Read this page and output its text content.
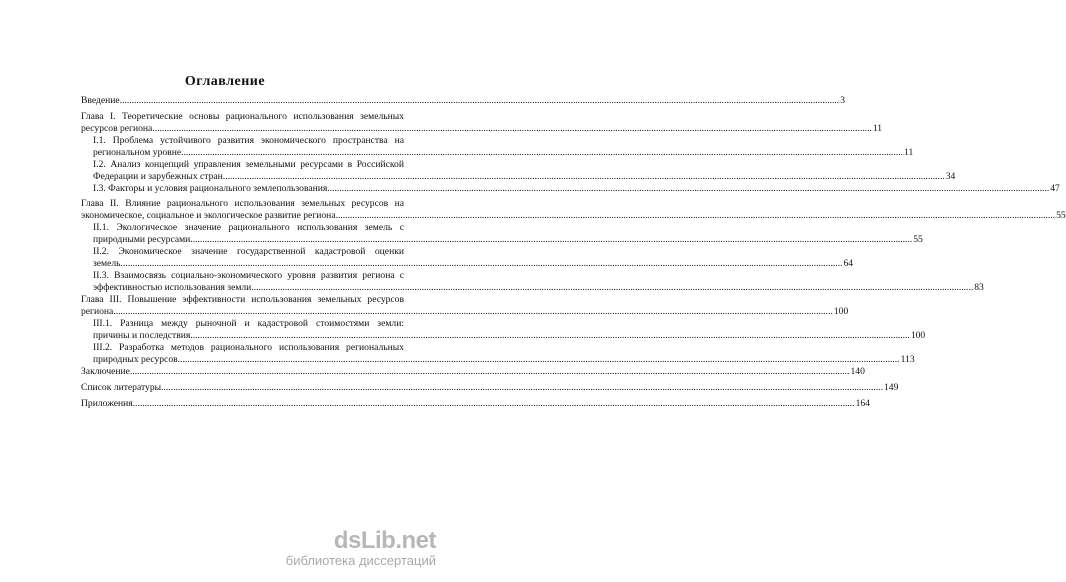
Оглавление
Введение ............................................................................................................................................................................................................................................................................................................ 3
Глава I. Теоретические основы рационального использования земельных
ресурсов региона ............................................................................................................................................................................................................................................................................................................ 11
I.1. Проблема устойчивого развития экономического пространства на
региональном уровне. ............................................................................................................................................................................................................................................................................................................ 11
I.2. Анализ концепций управления земельными ресурсами в Российской
Федерации и зарубежных стран. ............................................................................................................................................................................................................................................................................................................ 34
I.3. Факторы и условия рационального землепользования. ............................................................................................................................................................................................................................................................................................................ 47
Глава II. Влияние рационального использования земельных ресурсов на
экономическое, социальное и экологическое развитие региона ............................................................................................................................................................................................................................................................................................................ 55
II.1. Экологическое значение рационального использования земель с
природными ресурсами. ............................................................................................................................................................................................................................................................................................................ 55
II.2. Экономическое значение государственной кадастровой оценки
земель. ............................................................................................................................................................................................................................................................................................................ 64
II.3. Взаимосвязь социально-экономического уровня развития региона с
эффективностью использования земли. ............................................................................................................................................................................................................................................................................................................ 83
Глава III. Повышение эффективности использования земельных ресурсов
региона ............................................................................................................................................................................................................................................................................................................ 100
III.1. Разница между рыночной и кадастровой стоимостями земли:
причины и последствия ............................................................................................................................................................................................................................................................................................................ 100
III.2. Разработка методов рационального использования региональных
природных ресурсов. ............................................................................................................................................................................................................................................................................................................ 113
Заключение ............................................................................................................................................................................................................................................................................................................ 140
Список литературы. ............................................................................................................................................................................................................................................................................................................ 149
Приложения. ............................................................................................................................................................................................................................................................................................................ 164
dsLib.net
библиотека диссертаций
